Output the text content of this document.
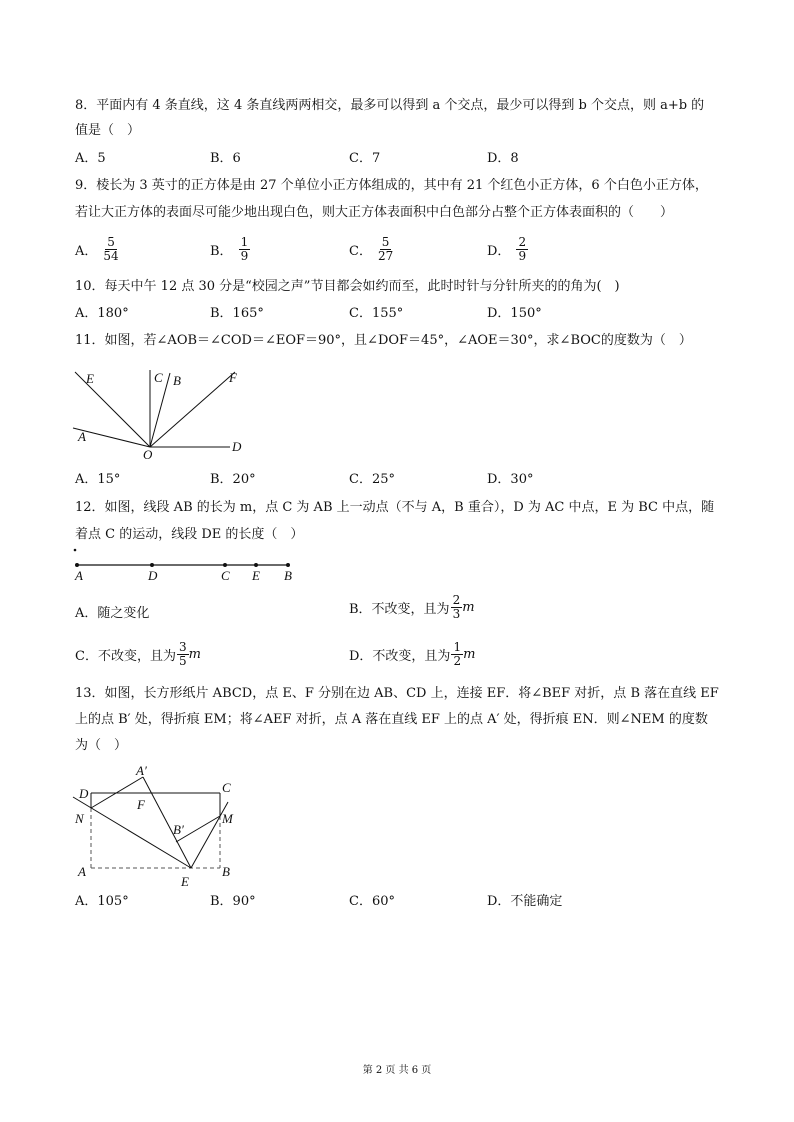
8．平面内有 4 条直线，这 4 条直线两两相交，最多可以得到 a 个交点，最少可以得到 b 个交点，则 a+b 的
值是（　）
A．5	B．6	C．7	D．8
9．棱长为 3 英寸的正方体是由 27 个单位小正方体组成的，其中有 21 个红色小正方体，6 个白色小正方体，
若让大正方体的表面尽可能少地出现白色，则大正方体表面积中白色部分占整个正方体表面积的（　　）
A． $\frac{5}{54}$	B． $\frac{1}{9}$	C． $\frac{5}{27}$	D． $\frac{2}{9}$
10．每天中午 12 点 30 分是“校园之声”节目都会如约而至，此时时针与分针所夹的的角为(　)
A．180°	B．165°	C．155°	D．150°
11．如图，若∠AOB＝∠COD＝∠EOF＝90°，且∠DOF＝45°，∠AOE＝30°，求∠BOC的度数为（　）
A．15°	B．20°	C．25°	D．30°
12．如图，线段 AB 的长为 m，点 C 为 AB 上一动点（不与 A，B 重合），D 为 AC 中点，E 为 BC 中点，随
着点 C 的运动，线段 DE 的长度（　）
A．随之变化	B．不改变，且为 $\frac{2}{3}$ m
C．不改变，且为 $\frac{3}{5}$ m	D．不改变，且为 $\frac{1}{2}$ m
13．如图，长方形纸片 ABCD，点 E、F 分别在边 AB、CD 上，连接 EF．将∠BEF 对折，点 B 落在直线 EF
上的点 B′ 处，得折痕 EM；将∠AEF 对折，点 A 落在直线 EF 上的点 A′ 处，得折痕 EN．则∠NEM 的度数
为（　）
A．105°	B．90°	C．60°	D．不能确定
E	C B	F
A
O
D
A	D	C E B
A′
D	C
N
F
B′
M
A
E
B
第 2 页 共 6 页
